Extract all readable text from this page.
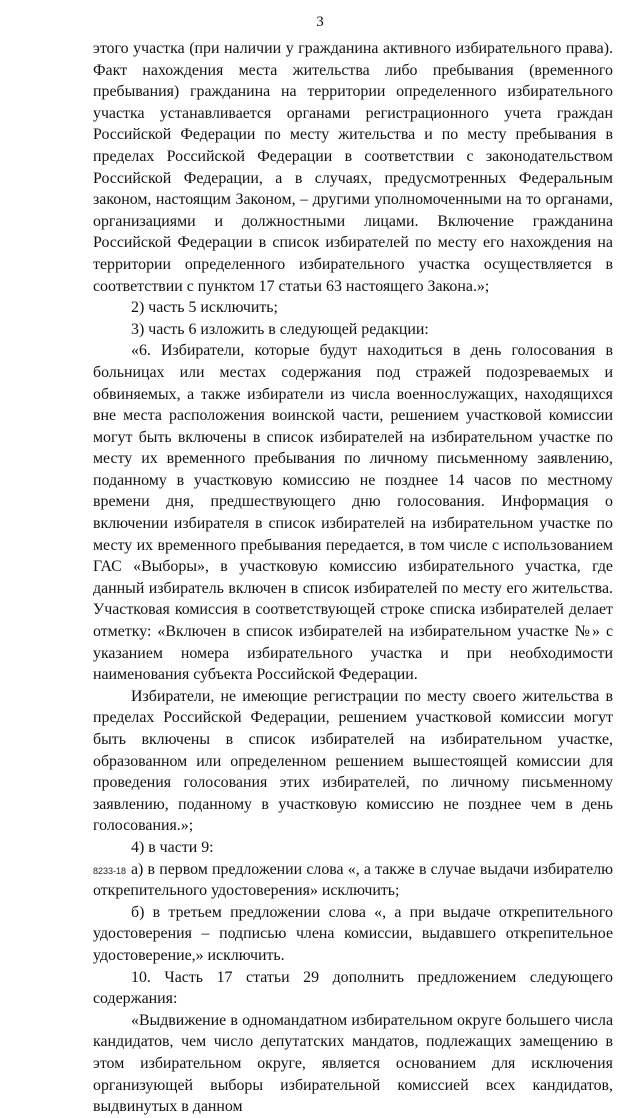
3

этого участка (при наличии у гражданина активного избирательного права). Факт нахождения места жительства либо пребывания (временного пребывания) гражданина на территории определенного избирательного участка устанавливается органами регистрационного учета граждан Российской Федерации по месту жительства и по месту пребывания в пределах Российской Федерации в соответствии с законодательством Российской Федерации, а в случаях, предусмотренных Федеральным законом, настоящим Законом, – другими уполномоченными на то органами, организациями и должностными лицами. Включение гражданина Российской Федерации в список избирателей по месту его нахождения на территории определенного избирательного участка осуществляется в соответствии с пунктом 17 статьи 63 настоящего Закона.»;

2) часть 5 исключить;

3) часть 6 изложить в следующей редакции:

«6. Избиратели, которые будут находиться в день голосования в больницах или местах содержания под стражей подозреваемых и обвиняемых, а также избиратели из числа военнослужащих, находящихся вне места расположения воинской части, решением участковой комиссии могут быть включены в список избирателей на избирательном участке по месту их временного пребывания по личному письменному заявлению, поданному в участковую комиссию не позднее 14 часов по местному времени дня, предшествующего дню голосования. Информация о включении избирателя в список избирателей на избирательном участке по месту их временного пребывания передается, в том числе с использованием ГАС «Выборы», в участковую комиссию избирательного участка, где данный избиратель включен в список избирателей по месту его жительства. Участковая комиссия в соответствующей строке списка избирателей делает отметку: «Включен в список избирателей на избирательном участке №» с указанием номера избирательного участка и при необходимости наименования субъекта Российской Федерации.

Избиратели, не имеющие регистрации по месту своего жительства в пределах Российской Федерации, решением участковой комиссии могут быть включены в список избирателей на избирательном участке, образованном или определенном решением вышестоящей комиссии для проведения голосования этих избирателей, по личному письменному заявлению, поданному в участковую комиссию не позднее чем в день голосования.»;

4) в части 9:

а) в первом предложении слова «, а также в случае выдачи избирателю открепительного удостоверения» исключить;

б) в третьем предложении слова «, а при выдаче открепительного удостоверения – подписью члена комиссии, выдавшего открепительное удостоверение,» исключить.

10. Часть 17 статьи 29 дополнить предложением следующего содержания:

«Выдвижение в одномандатном избирательном округе большего числа кандидатов, чем число депутатских мандатов, подлежащих замещению в этом избирательном округе, является основанием для исключения организующей выборы избирательной комиссией всех кандидатов, выдвинутых в данном

8233-18
